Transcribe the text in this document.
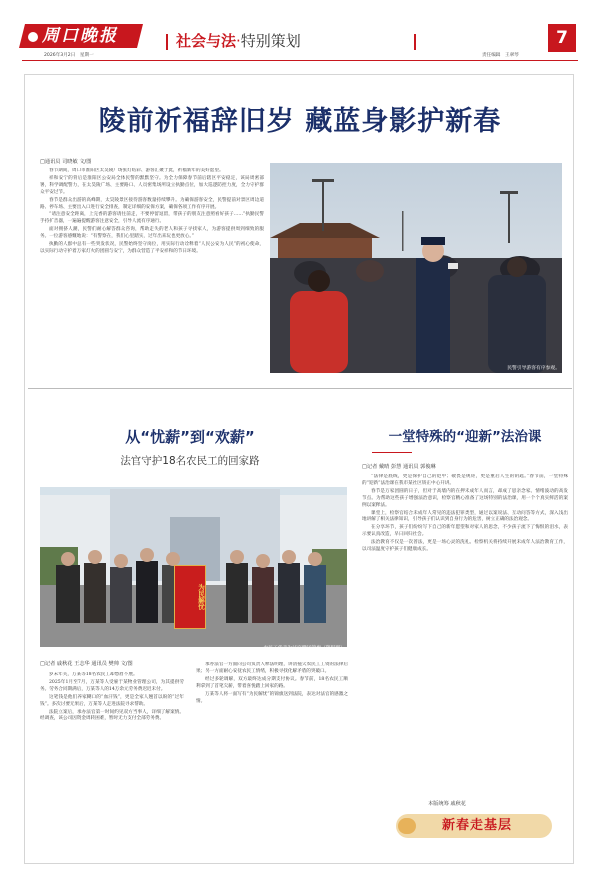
周口晚报
2026年3月2日　星期一
社会与法·特别策划	7
责任编辑　王翠琴
陵前祈福辞旧岁 藏蓝身影护新春
□通讯员 司晓敏 文/图

春节期间，周口市淮阳区太昊陵广场张灯结彩、游客汇聚于此，祈福新年的美好愿望。

祥和安宁的背后是淮阳区公安局全体民警的默默坚守。为全力保障春节前后辖区平安稳定，该局周密部署，科学调配警力，在太昊陵广场、主要路口、人员密集场所设立执勤点位，加大巡逻防控力度，全力守护群众平安过节。

春节是群众出游的高峰期，太昊陵景区接待游客数量持续攀升。为确保游客安全，民警提前对景区周边道路、停车场、主要出入口进行安全排查，制定详细的安保方案，确保各项工作有序开展。

“请注意安全距离，上完香的游客请往前走，不要停留逗留，带孩子的朋友注意照看好孩子……”执勤民警手持扩音器，一遍遍提醒游客注意安全，引导人流有序通行。

面对拥挤人潮，民警们耐心解答群众咨询，帮助走失的老人和孩子寻找家人，为游客提供周到细致的服务。一位游客感慨地说：“有警察在，我们心里踏实，过年出来玩也更放心。”

执勤的人群中总有一些突发状况，民警始终坚守岗位，用实际行动诠释着“人民公安为人民”的初心使命，以实际行动守护着万家灯火的团圆与安宁，为群众营造了平安祥和的节日环境。

民警引导游客有序参观。
从“忧薪”到“欢薪”
法官守护18名农民工的回家路
为民解忧
农民工代表为法官赠送锦旗（资料图）
□记者 戚秋花 王志华 通讯员 樊帅 文/图

岁末年关，万某等18名农民工却愁眉不展。

2025年1月至7月，万某等人受雇于某物业管理公司，为其提供劳务。劳务合同期满后，万某等人的14万余元劳务费迟迟未付。

这笔钱是他们养家糊口的“血汗钱”，更是全家人翘首以盼的“过年钱”。多次讨要无果后，万某等人走进法院寻求帮助。

法院立案后，承办法官第一时间约见双方当事人，详细了解案情。经调查，该公司因资金周转困难，暂时无力支付全部劳务费。

承办法官一方面向公司负责人释法明理，讲清拖欠农民工工资的法律后果；另一方面耐心安抚农民工情绪，积极寻找化解矛盾的突破口。

经过多轮调解，双方最终达成分期支付协议。春节前，18名农民工顺利拿到了首笔欠薪，带着喜悦踏上回家的路。

万某等人将一面写有“为民解忧”的锦旗送到法院，表达对法官的感激之情。

一堂特殊的“迎新”法治课
□记者 戴晴 彭慧 通讯员 郭俊琳

“法律是底线，更是保护自己的铠甲；敬畏是规矩，更是重启人生的钥匙。”春节前，一堂特殊的“迎新”法治课在我市某社区矫正中心开讲。

春节是万家团圆的日子，但对于高墙内的在押未成年人而言，却成了思亲念家、情绪波动的高发节点。为帮助这些孩子增强法治意识，检察官精心准备了这场特别的法治课，用一个个真实鲜活的案例以案释法。

课堂上，检察官结合未成年人常见的违法犯罪类型，通过以案说法、互动问答等方式，深入浅出地讲解了相关法律知识，引导孩子们认识到自身行为的危害，树立正确的法治观念。

在分享环节，孩子们纷纷写下自己的新年愿望和对家人的思念，不少孩子流下了悔恨的泪水，表示要认真改造，早日回归社会。

法治教育不仅是一次普法，更是一场心灵的洗礼。检察机关将持续开展未成年人法治教育工作，以司法温度守护孩子们健康成长。

本版统筹 戚秋花
新春走基层
